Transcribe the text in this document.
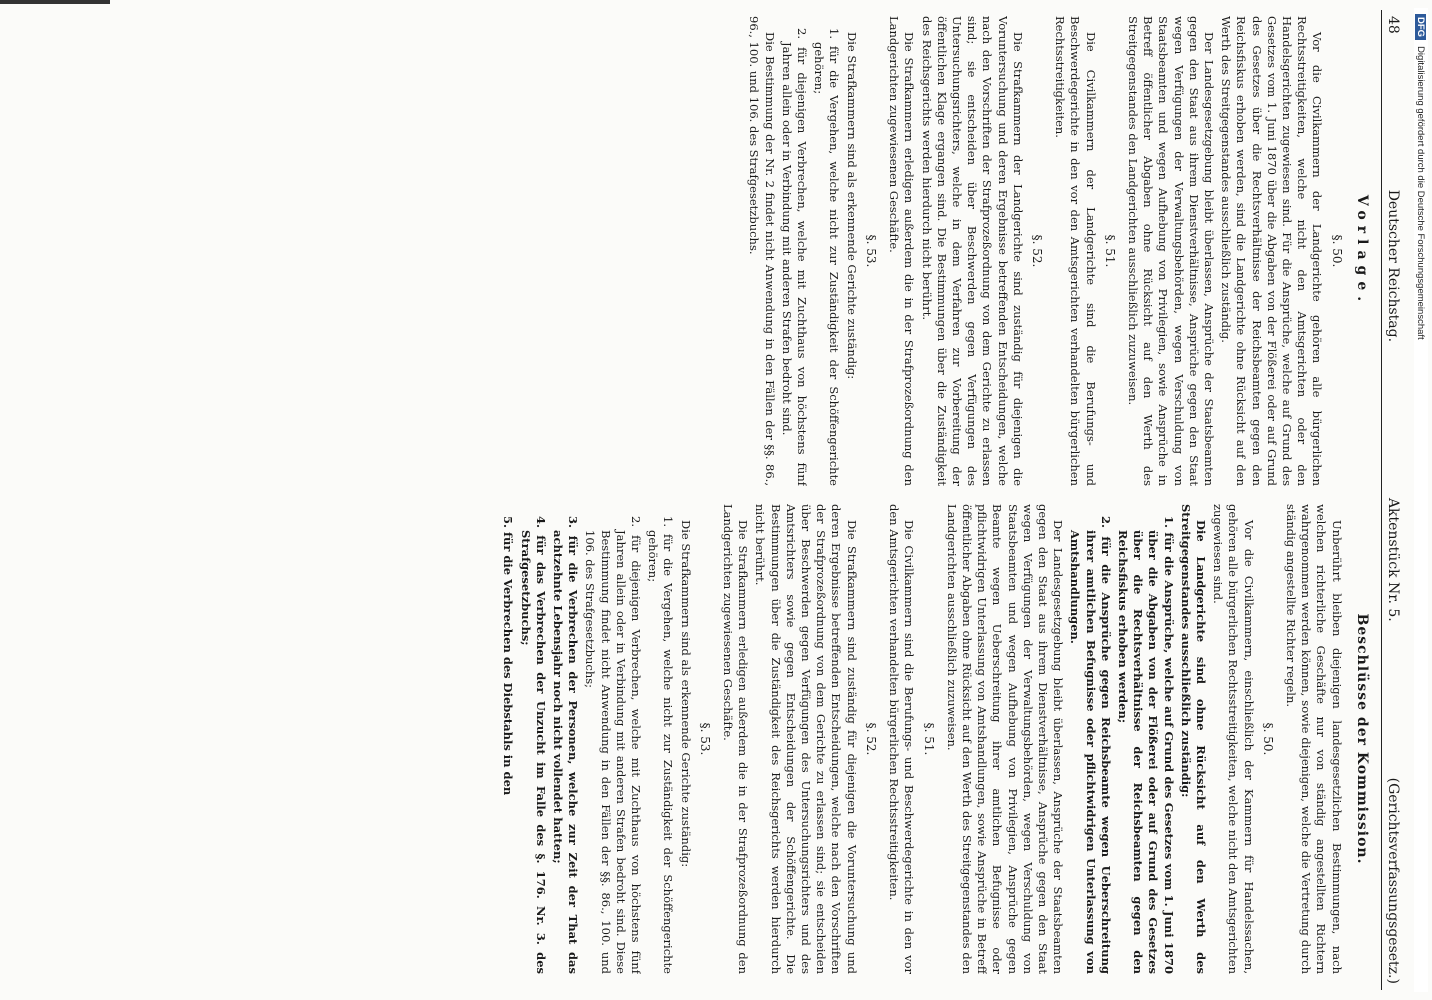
48
Deutscher Reichstag.
Aktenstück Nr. 5.
(Gerichtsverfassungsgesetz.)
Vorlage.
§. 50.

Vor die Civilkammern der Landgerichte gehören alle bürgerlichen Rechtsstreitigkeiten, welche nicht den Amtsgerichten oder den Handelsgerichten zugewiesen sind. Für die Ansprüche, welche auf Grund des Gesetzes vom 1. Juni 1870 über die Abgaben von der Flößerei oder auf Grund des Gesetzes über die Rechtsverhältnisse der Reichsbeamten gegen den Reichsfiskus erhoben werden, sind die Landgerichte ohne Rücksicht auf den Werth des Streitgegenstandes ausschließlich zuständig.

Der Landesgesetzgebung bleibt überlassen, Ansprüche der Staatsbeamten gegen den Staat aus ihrem Dienstverhältnisse, Ansprüche gegen den Staat wegen Verfügungen der Verwaltungsbehörden, wegen Verschuldung von Staatsbeamten und wegen Aufhebung von Privilegien, sowie Ansprüche in Betreff öffentlicher Abgaben ohne Rücksicht auf den Werth des Streitgegenstandes den Landgerichten ausschließlich zuzuweisen.

§. 51.

Die Civilkammern der Landgerichte sind die Berufungs- und Beschwerdegerichte in den vor den Amtsgerichten verhandelten bürgerlichen Rechtsstreitigkeiten.

§. 52.

Die Strafkammern der Landgerichte sind zuständig für diejenigen die Voruntersuchung und deren Ergebnisse betreffenden Entscheidungen, welche nach den Vorschriften der Strafprozeßordnung von dem Gerichte zu erlassen sind; sie entscheiden über Beschwerden gegen Verfügungen des Untersuchungsrichters, welche in dem Verfahren zur Vorbereitung der öffentlichen Klage ergangen sind. Die Bestimmungen über die Zuständigkeit des Reichsgerichts werden hierdurch nicht berührt.

Die Strafkammern erledigen außerdem die in der Strafprozeßordnung den Landgerichten zugewiesenen Geschäfte.

§. 53.

Die Strafkammern sind als erkennende Gerichte zuständig:

1. für die Vergehen, welche nicht zur Zuständigkeit der Schöffengerichte gehören;
2. für diejenigen Verbrechen, welche mit Zuchthaus von höchstens fünf Jahren allein oder in Verbindung mit anderen Strafen bedroht sind.

Die Bestimmung der Nr. 2 findet nicht Anwendung in den Fällen der §§. 86., 96., 100. und 106. des Strafgesetzbuchs.

Beschlüsse der Kommission.

Unberührt bleiben diejenigen landesgesetzlichen Bestimmungen, nach welchen richterliche Geschäfte nur von ständig angestellten Richtern wahrgenommen werden können, sowie diejenigen, welche die Vertretung durch ständig angestellte Richter regeln.

§. 50.

Vor die Civilkammern, einschließlich der Kammern für Handelssachen, gehören alle bürgerlichen Rechtsstreitigkeiten, welche nicht den Amtsgerichten zugewiesen sind.

Die Landgerichte sind ohne Rücksicht auf den Werth des Streitgegenstandes ausschließlich zuständig:

1. für die Ansprüche, welche auf Grund des Gesetzes vom 1. Juni 1870 über die Abgaben von der Flößerei oder auf Grund des Gesetzes über die Rechtsverhältnisse der Reichsbeamten gegen den Reichsfiskus erhoben werden;
2. für die Ansprüche gegen Reichsbeamte wegen Ueberschreitung ihrer amtlichen Befugnisse oder pflichtwidrigen Unterlassung von Amtshandlungen.

Der Landesgesetzgebung bleibt überlassen, Ansprüche der Staatsbeamten gegen den Staat aus ihrem Dienstverhältnisse, Ansprüche gegen den Staat wegen Verfügungen der Verwaltungsbehörden, wegen Verschuldung von Staatsbeamten und wegen Aufhebung von Privilegien, Ansprüche gegen Beamte wegen Ueberschreitung ihrer amtlichen Befugnisse oder pflichtwidrigen Unterlassung von Amtshandlungen, sowie Ansprüche in Betreff öffentlicher Abgaben ohne Rücksicht auf den Werth des Streitgegenstandes den Landgerichten ausschließlich zuzuweisen.

§. 51.

Die Civilkammern sind die Berufungs- und Beschwerdegerichte in den vor den Amtsgerichten verhandelten bürgerlichen Rechtsstreitigkeiten.

§. 52.

Die Strafkammern sind zuständig für diejenigen die Voruntersuchung und deren Ergebnisse betreffenden Entscheidungen, welche nach den Vorschriften der Strafprozeßordnung von dem Gerichte zu erlassen sind; sie entscheiden über Beschwerden gegen Verfügungen des Untersuchungsrichters und des Amtsrichters sowie gegen Entscheidungen der Schöffengerichte. Die Bestimmungen über die Zuständigkeit des Reichsgerichts werden hierdurch nicht berührt.

Die Strafkammern erledigen außerdem die in der Strafprozeßordnung den Landgerichten zugewiesenen Geschäfte.

§. 53.

Die Strafkammern sind als erkennende Gerichte zuständig:

1. für die Vergehen, welche nicht zur Zuständigkeit der Schöffengerichte gehören;
2. für diejenigen Verbrechen, welche mit Zuchthaus von höchstens fünf Jahren allein oder in Verbindung mit anderen Strafen bedroht sind. Diese Bestimmung findet nicht Anwendung in den Fällen der §§. 86., 100. und 106. des Strafgesetzbuchs;
3. für die Verbrechen der Personen, welche zur Zeit der That das achtzehnte Lebensjahr noch nicht vollendet hatten;
4. für das Verbrechen der Unzucht im Falle des §. 176. Nr. 3. des Strafgesetzbuchs;
5. für die Verbrechen des Diebstahls in den
DFGDigitalisierung gefördert durch die Deutsche Forschungsgemeinschaft
